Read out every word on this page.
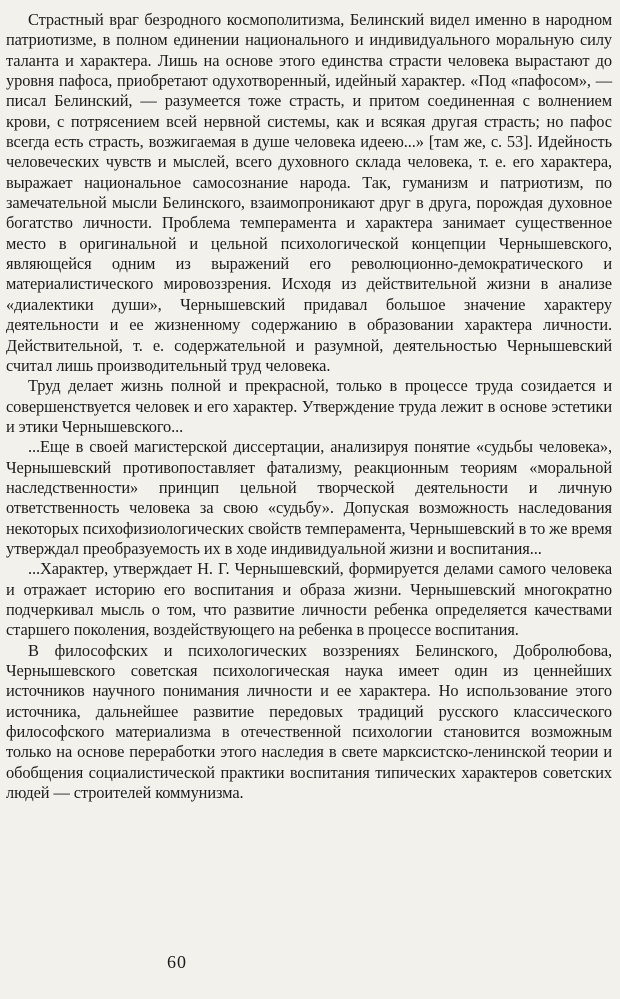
Страстный враг безродного космополитизма, Белинский видел именно в народном патриотизме, в полном единении национального и индивидуального моральную силу таланта и характера. Лишь на основе этого единства страсти человека вырастают до уровня пафоса, приобретают одухотворенный, идейный характер. «Под «пафосом», — писал Белинский, — разумеется тоже страсть, и притом соединенная с волнением крови, с потрясением всей нервной системы, как и всякая другая страсть; но пафос всегда есть страсть, возжигаемая в душе человека идеею...» [там же, с. 53]. Идейность человеческих чувств и мыслей, всего духовного склада человека, т. е. его характера, выражает национальное самосознание народа. Так, гуманизм и патриотизм, по замечательной мысли Белинского, взаимопроникают друг в друга, порождая духовное богатство личности. Проблема темперамента и характера занимает существенное место в оригинальной и цельной психологической концепции Чернышевского, являющейся одним из выражений его революционно-демократического и материалистического мировоззрения. Исходя из действительной жизни в анализе «диалектики души», Чернышевский придавал большое значение характеру деятельности и ее жизненному содержанию в образовании характера личности. Действительной, т. е. содержательной и разумной, деятельностью Чернышевский считал лишь производительный труд человека.

Труд делает жизнь полной и прекрасной, только в процессе труда созидается и совершенствуется человек и его характер. Утверждение труда лежит в основе эстетики и этики Чернышевского...

...Еще в своей магистерской диссертации, анализируя понятие «судьбы человека», Чернышевский противопоставляет фатализму, реакционным теориям «моральной наследственности» принцип цельной творческой деятельности и личную ответственность человека за свою «судьбу». Допуская возможность наследования некоторых психофизиологических свойств темперамента, Чернышевский в то же время утверждал преобразуемость их в ходе индивидуальной жизни и воспитания...

...Характер, утверждает Н. Г. Чернышевский, формируется делами самого человека и отражает историю его воспитания и образа жизни. Чернышевский многократно подчеркивал мысль о том, что развитие личности ребенка определяется качествами старшего поколения, воздействующего на ребенка в процессе воспитания.

В философских и психологических воззрениях Белинского, Добролюбова, Чернышевского советская психологическая наука имеет один из ценнейших источников научного понимания личности и ее характера. Но использование этого источника, дальнейшее развитие передовых традиций русского классического философского материализма в отечественной психологии становится возможным только на основе переработки этого наследия в свете марксистско-ленинской теории и обобщения социалистической практики воспитания типических характеров советских людей — строителей коммунизма.

60
